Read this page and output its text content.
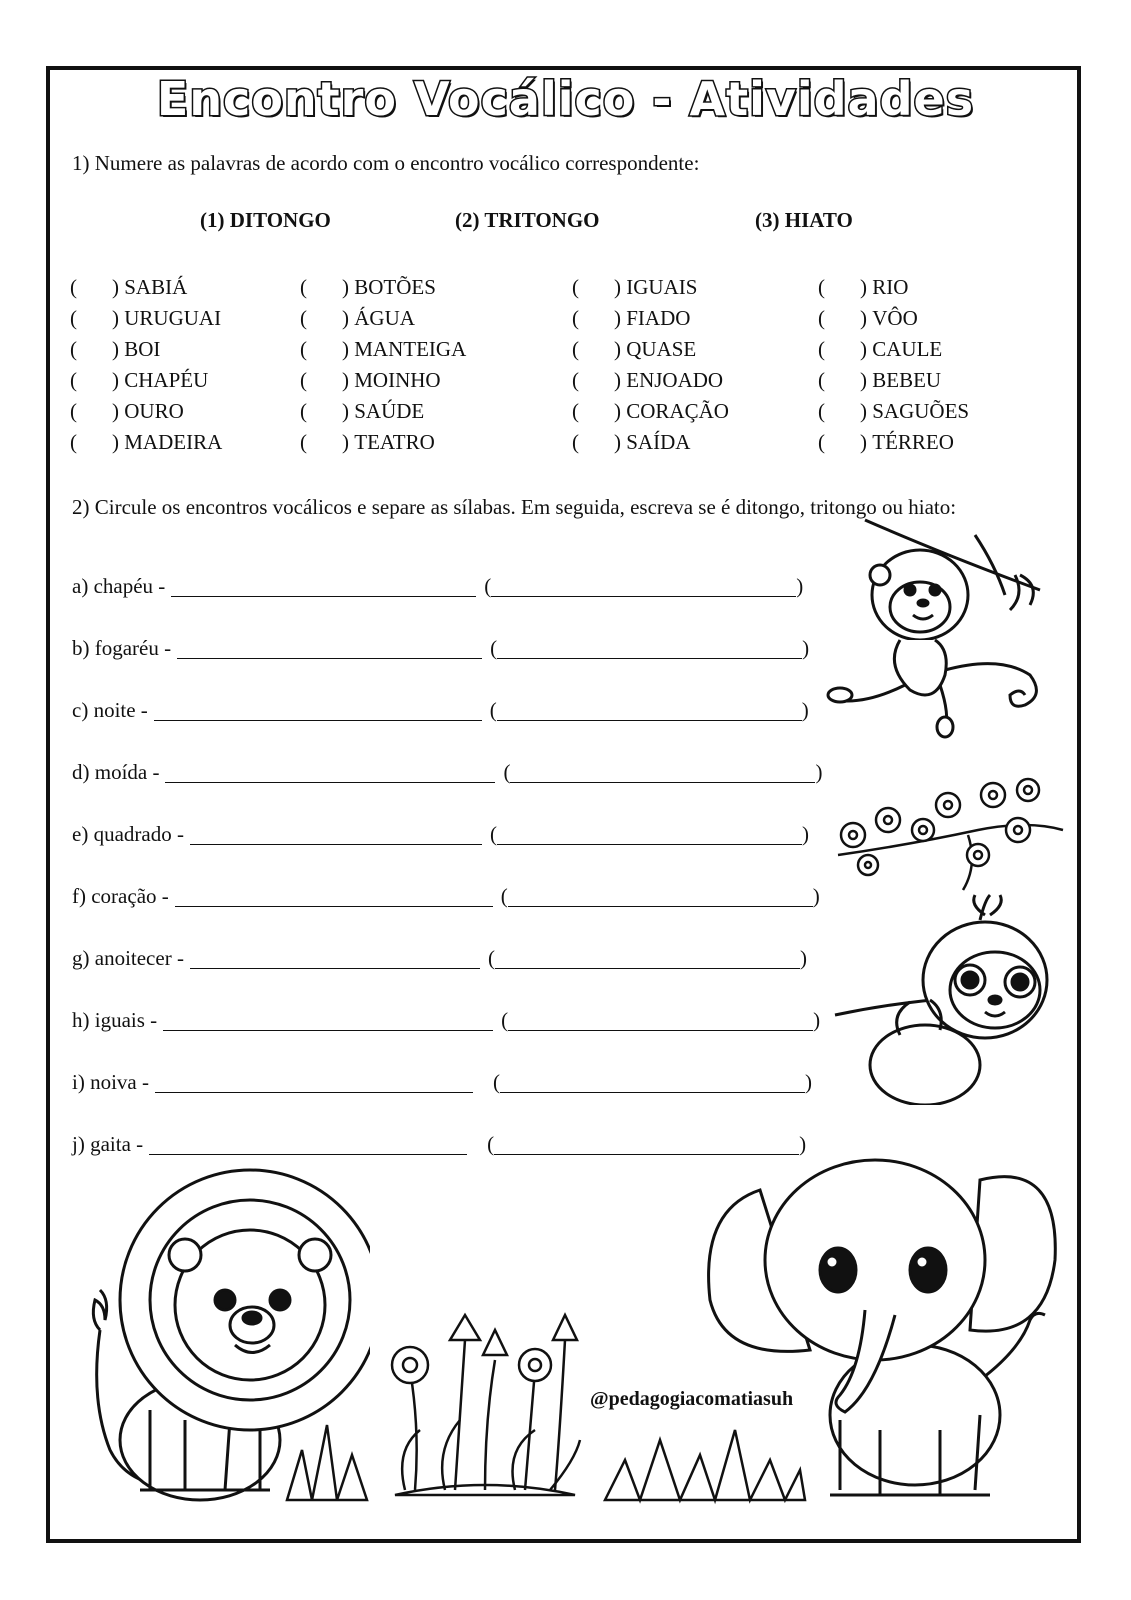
Encontro Vocálico - Atividades
1) Numere as palavras de acordo com o encontro vocálico correspondente:
(1) DITONGO	(2) TRITONGO	(3) HIATO
(	) SABIÁ
(	) URUGUAI
(	) BOI
(	) CHAPÉU
(	) OURO
(	) MADEIRA
(	) BOTÕES
(	) ÁGUA
(	) MANTEIGA
(	) MOINHO
(	) SAÚDE
(	) TEATRO
(	) IGUAIS
(	) FIADO
(	) QUASE
(	) ENJOADO
(	) CORAÇÃO
(	) SAÍDA
(	) RIO
(	) VÔO
(	) CAULE
(	) BEBEU
(	) SAGUÕES
(	) TÉRREO
2) Circule os encontros vocálicos e separe as sílabas. Em seguida, escreva se é ditongo, tritongo ou hiato:
a) chapéu -	(	)
b) fogaréu -	(	)
c) noite -	(	)
d) moída -	(	)
e) quadrado -	(	)
f) coração -	(	)
g) anoitecer -	(	)
h) iguais -	(	)
i) noiva -	(	)
j) gaita -	(	)
@pedagogiacomatiasuh
